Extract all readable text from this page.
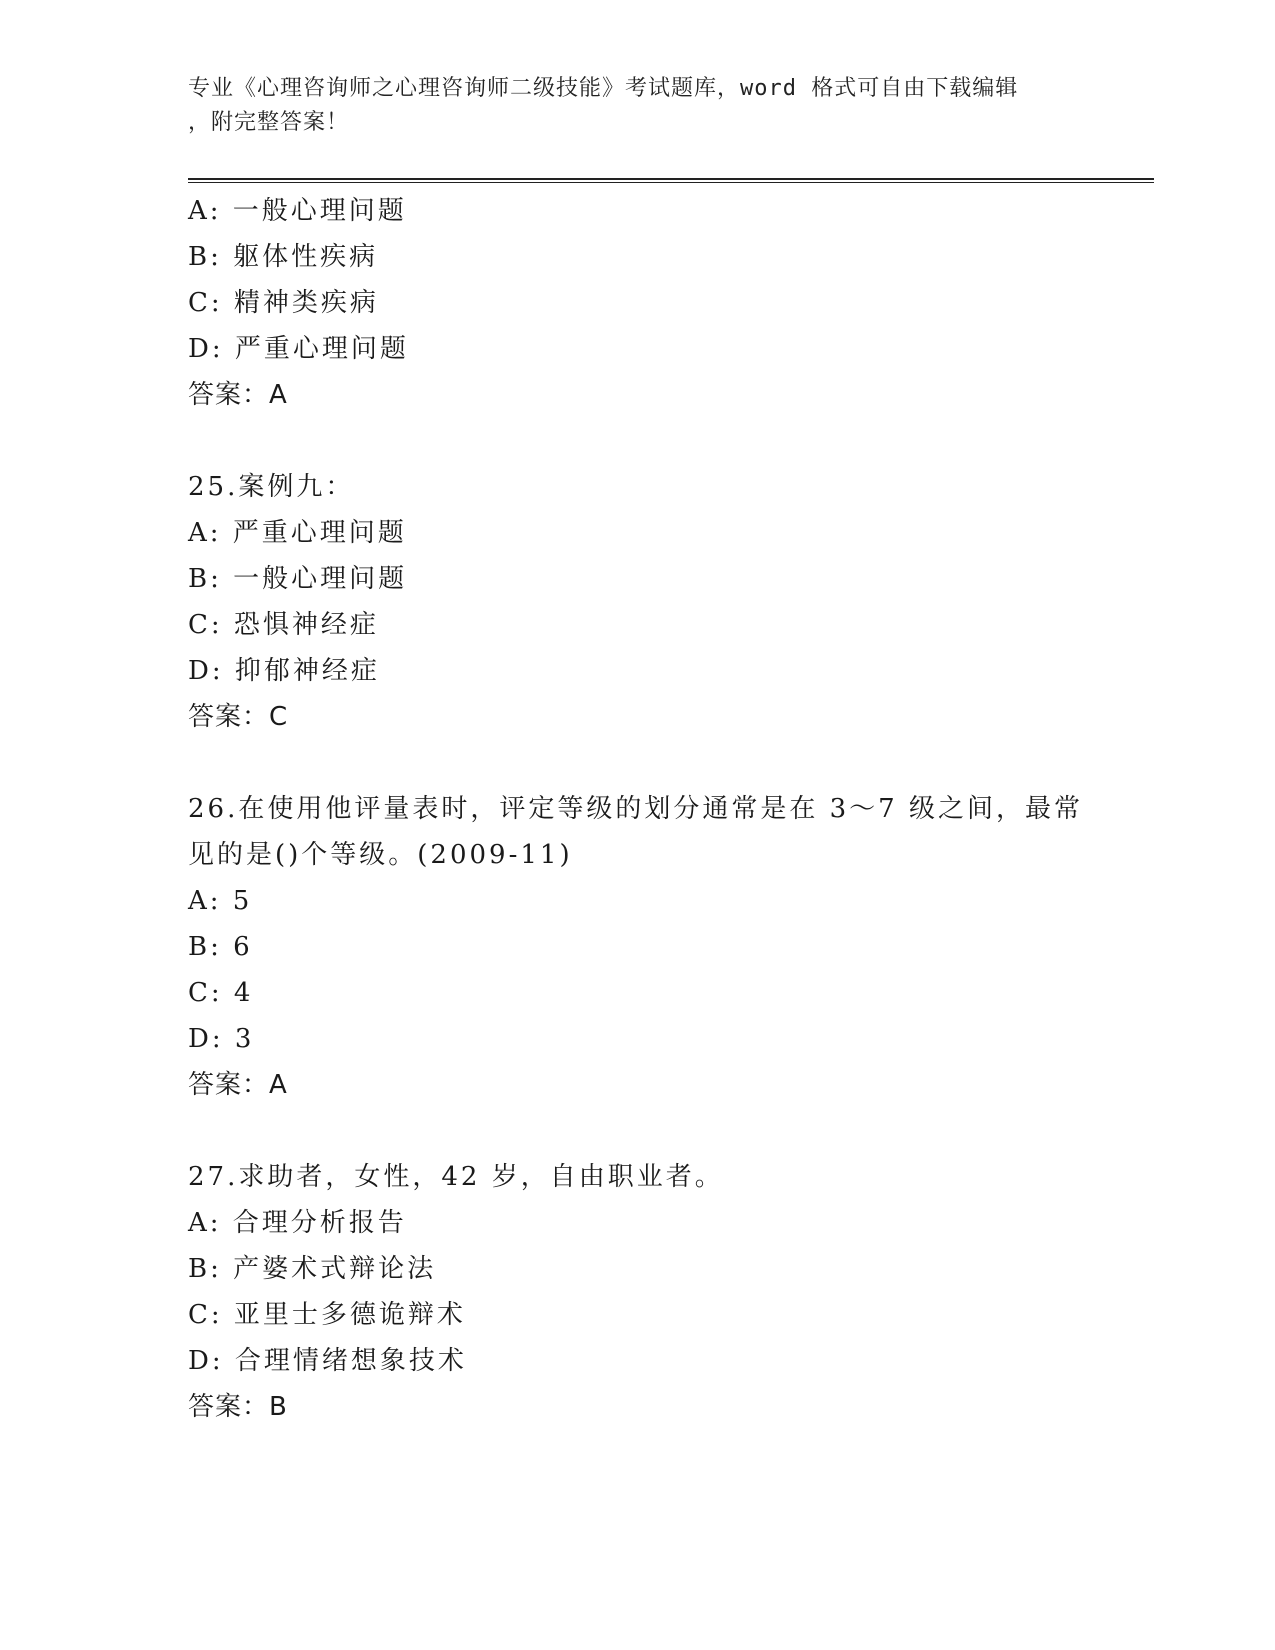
专业《心理咨询师之心理咨询师二级技能》考试题库，word 格式可自由下载编辑
，附完整答案！
A: 一般心理问题
B: 躯体性疾病
C: 精神类疾病
D: 严重心理问题
答案：A
25.案例九：
A: 严重心理问题
B: 一般心理问题
C: 恐惧神经症
D: 抑郁神经症
答案：C
26.在使用他评量表时，评定等级的划分通常是在 3～7 级之间，最常
见的是()个等级。(2009-11)
A: 5
B: 6
C: 4
D: 3
答案：A
27.求助者，女性，42 岁，自由职业者。
A: 合理分析报告
B: 产婆术式辩论法
C: 亚里士多德诡辩术
D: 合理情绪想象技术
答案：B
